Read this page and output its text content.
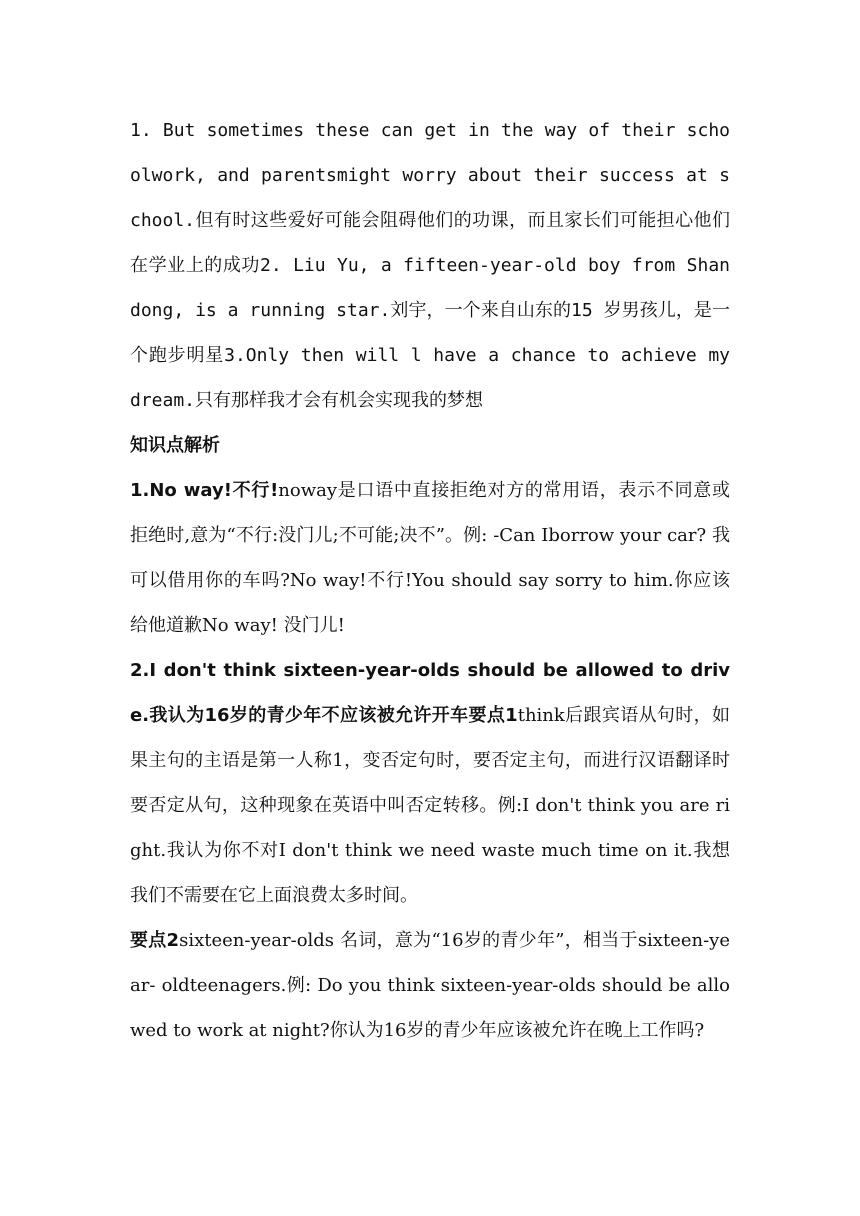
1. But sometimes these can get in the way of their schoolwork, and parentsmight worry about their success at school.但有时这些爱好可能会阻碍他们的功课，而且家长们可能担心他们在学业上的成功2. Liu Yu, a fifteen-year-old boy from Shandong, is a running star.刘宇，一个来自山东的15 岁男孩儿，是一个跑步明星3.Only then will l have a chance to achieve my dream.只有那样我才会有机会实现我的梦想

知识点解析

1.No way!不行!noway是口语中直接拒绝对方的常用语，表示不同意或拒绝时,意为“不行:没门儿;不可能;决不”。例: -Can Iborrow your car? 我可以借用你的车吗?No way!不行!You should say sorry to him.你应该给他道歉No way! 没门儿!

2.I don't think sixteen-year-olds should be allowed to drive.我认为16岁的青少年不应该被允许开车要点1think后跟宾语从句时，如果主句的主语是第一人称1，变否定句时，要否定主句，而进行汉语翻译时要否定从句，这种现象在英语中叫否定转移。例:I don't think you are right.我认为你不对I don't think we need waste much time on it.我想我们不需要在它上面浪费太多时间。

要点2sixteen-year-olds 名词，意为“16岁的青少年”，相当于sixteen-year- oldteenagers.例: Do you think sixteen-year-olds should be allowed to work at night?你认为16岁的青少年应该被允许在晚上工作吗?
